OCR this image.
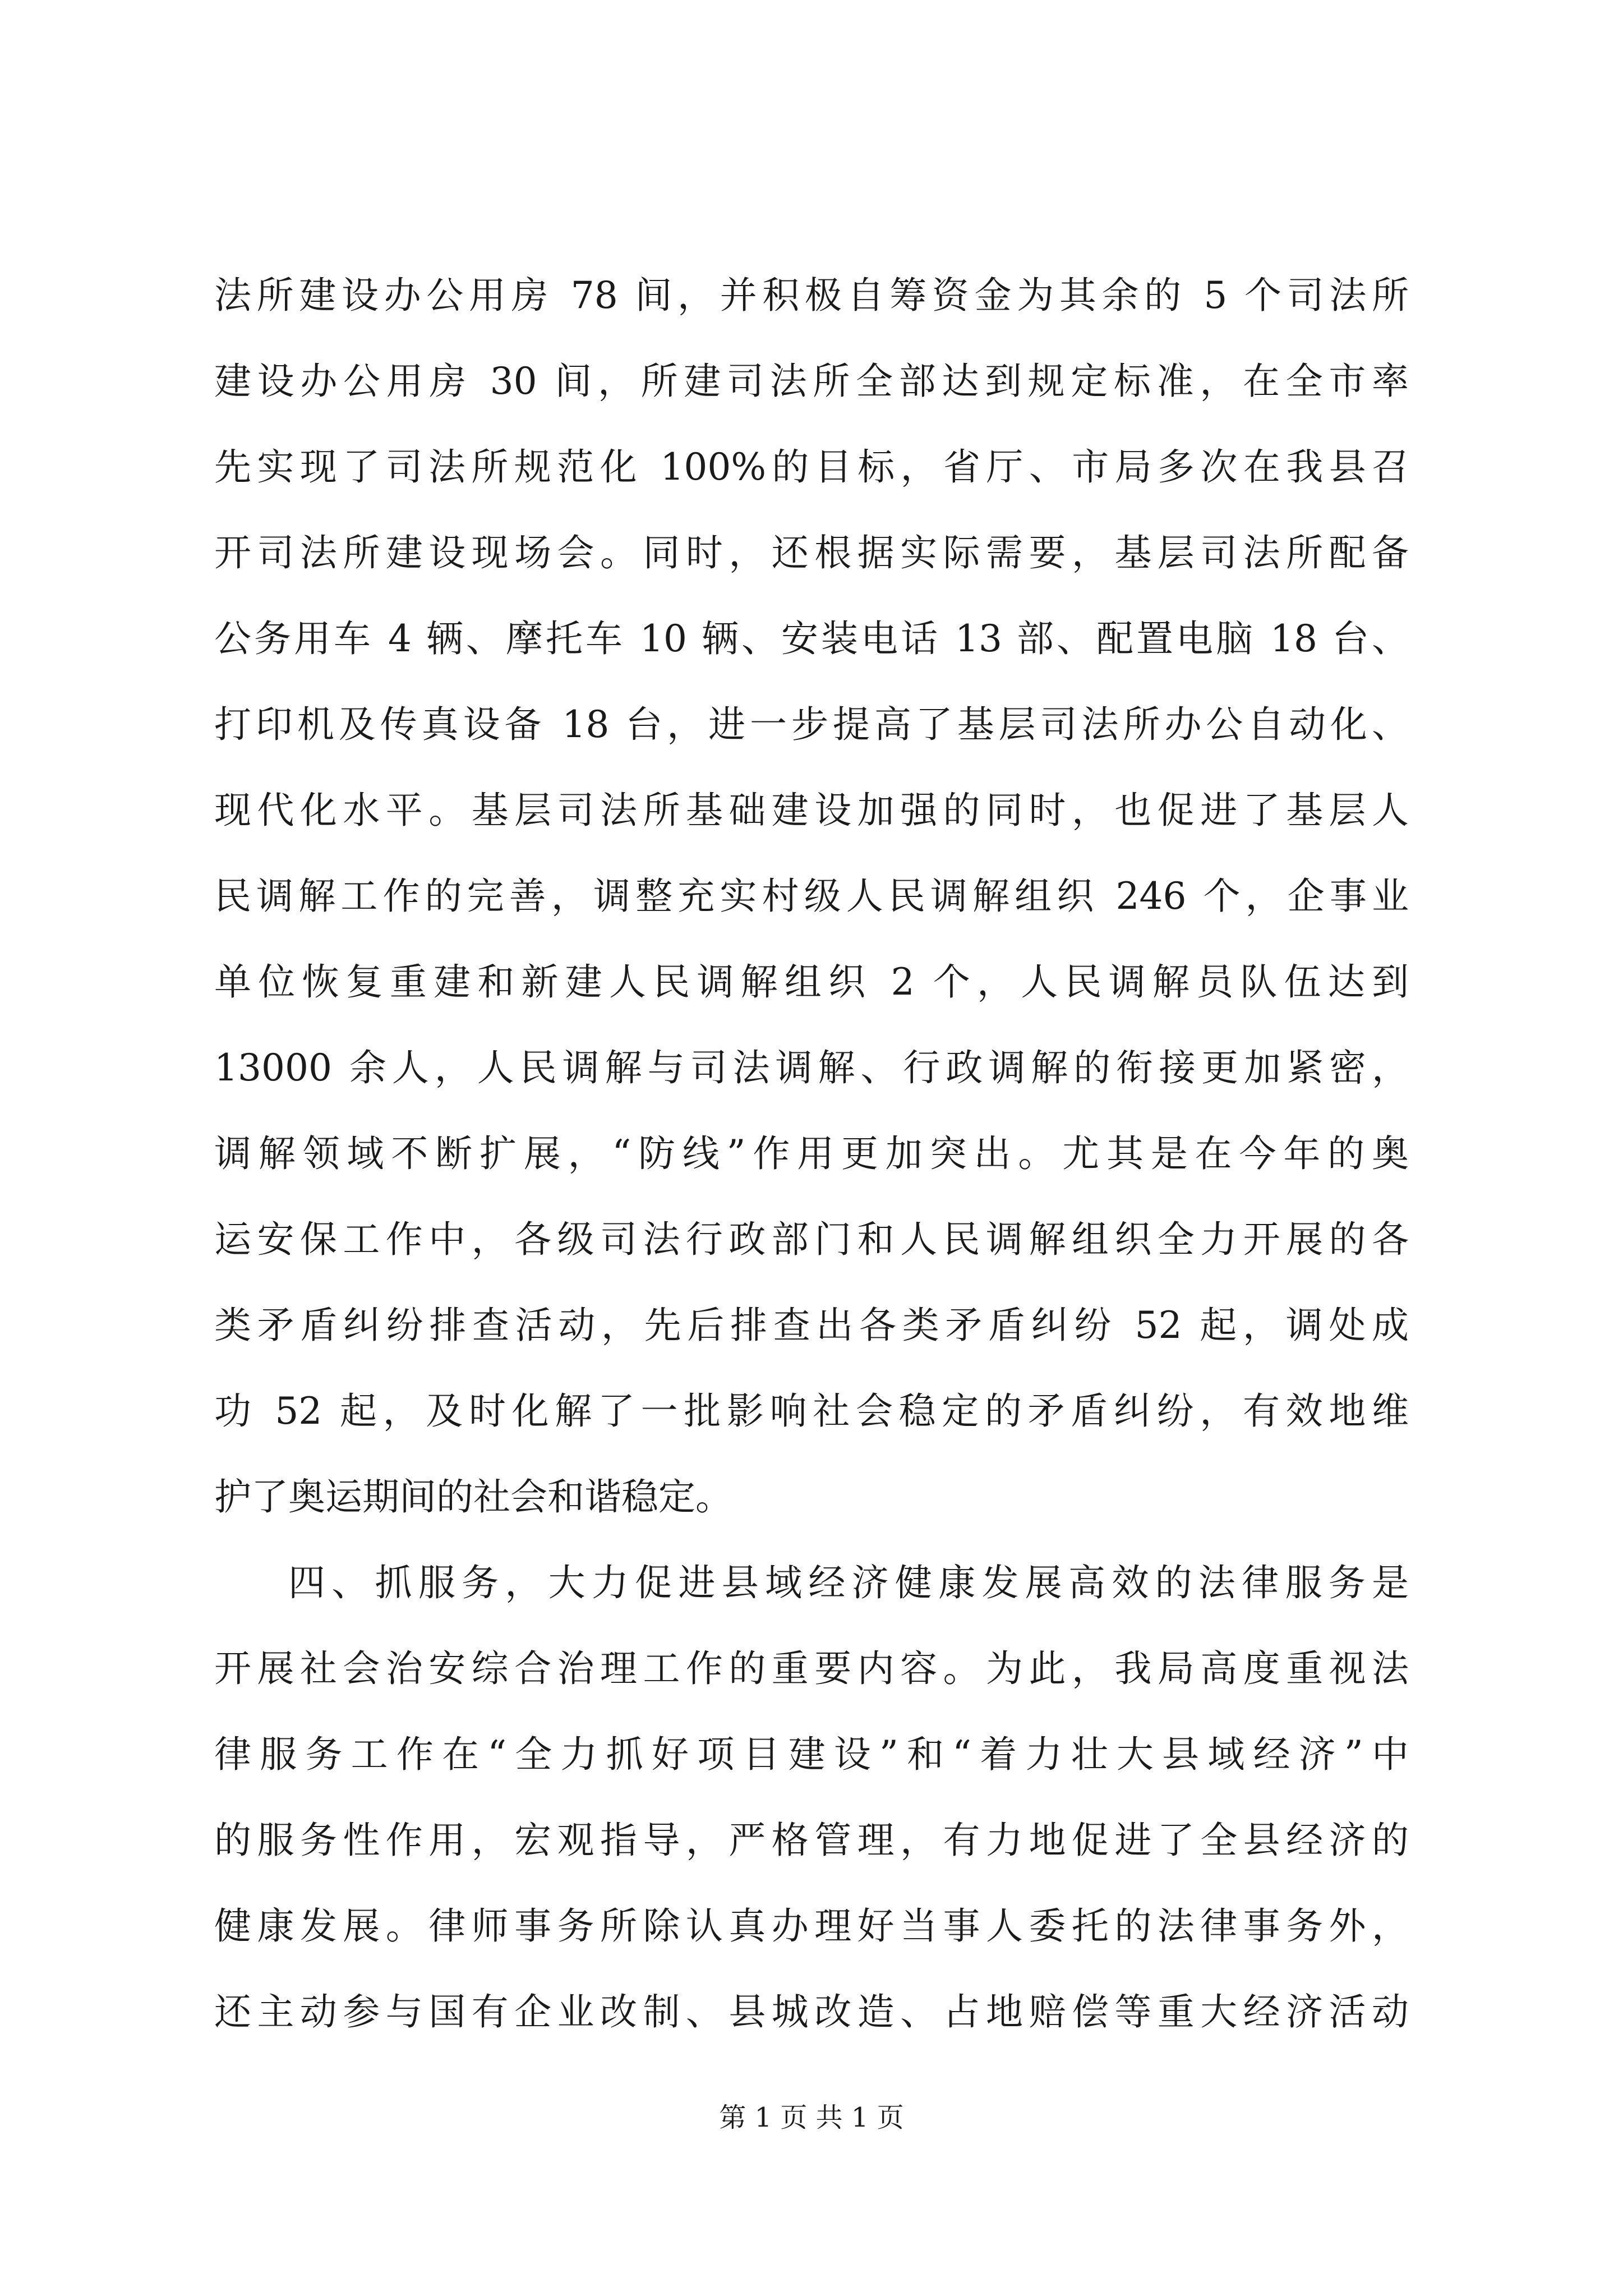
法所建设办公用房 78 间，并积极自筹资金为其余的 5 个司法所
建设办公用房 30 间，所建司法所全部达到规定标准，在全市率
先实现了司法所规范化 100%的目标，省厅、市局多次在我县召
开司法所建设现场会。同时，还根据实际需要，基层司法所配备
公务用车 4 辆、摩托车 10 辆、安装电话 13 部、配置电脑 18 台、
打印机及传真设备 18 台，进一步提高了基层司法所办公自动化、
现代化水平。基层司法所基础建设加强的同时，也促进了基层人
民调解工作的完善，调整充实村级人民调解组织 246 个，企事业
单位恢复重建和新建人民调解组织 2 个，人民调解员队伍达到
13000 余人，人民调解与司法调解、行政调解的衔接更加紧密，
调解领域不断扩展，“防线”作用更加突出。尤其是在今年的奥
运安保工作中，各级司法行政部门和人民调解组织全力开展的各
类矛盾纠纷排查活动，先后排查出各类矛盾纠纷 52 起，调处成
功 52 起，及时化解了一批影响社会稳定的矛盾纠纷，有效地维
护了奥运期间的社会和谐稳定。
四、抓服务，大力促进县域经济健康发展高效的法律服务是
开展社会治安综合治理工作的重要内容。为此，我局高度重视法
律服务工作在“全力抓好项目建设”和“着力壮大县域经济”中
的服务性作用，宏观指导，严格管理，有力地促进了全县经济的
健康发展。律师事务所除认真办理好当事人委托的法律事务外，
还主动参与国有企业改制、县城改造、占地赔偿等重大经济活动
第 1 页 共 1 页
